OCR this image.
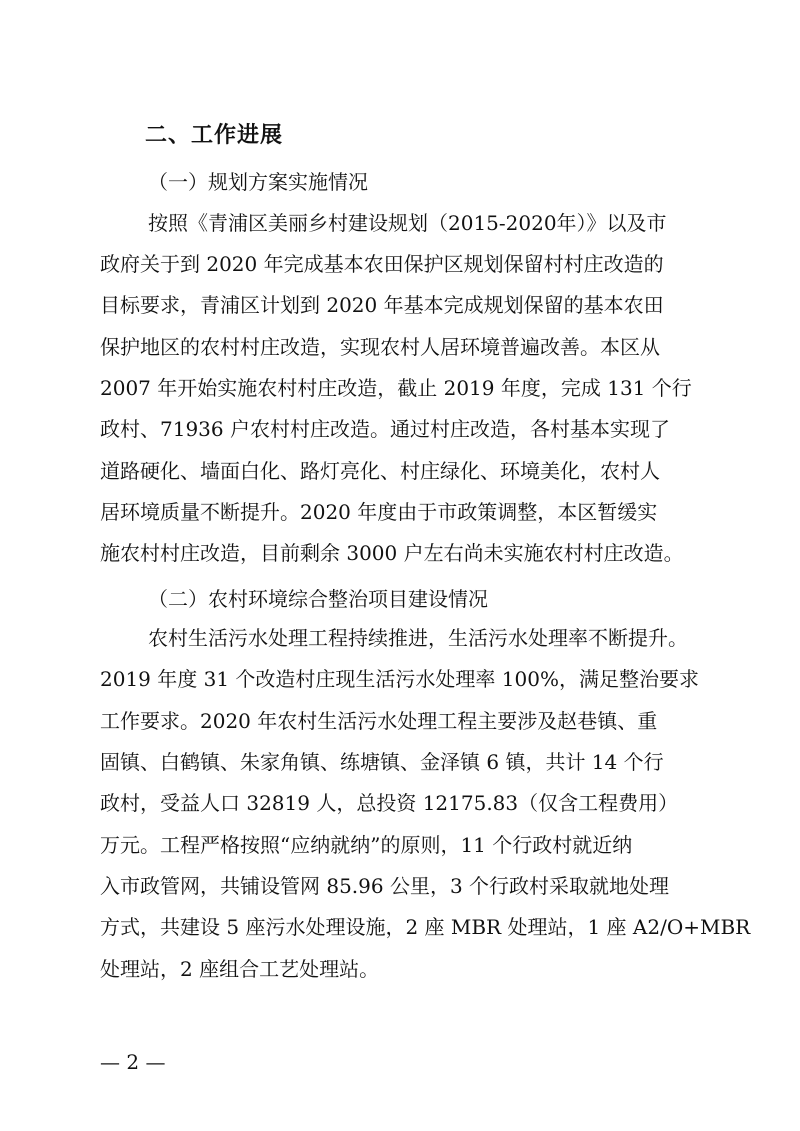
二、工作进展
（一）规划方案实施情况
按照《青浦区美丽乡村建设规划（2015-2020年）》以及市
政府关于到 2020 年完成基本农田保护区规划保留村村庄改造的
目标要求，青浦区计划到 2020 年基本完成规划保留的基本农田
保护地区的农村村庄改造，实现农村人居环境普遍改善。本区从
2007 年开始实施农村村庄改造，截止 2019 年度，完成 131 个行
政村、71936 户农村村庄改造。通过村庄改造，各村基本实现了
道路硬化、墙面白化、路灯亮化、村庄绿化、环境美化，农村人
居环境质量不断提升。2020 年度由于市政策调整，本区暂缓实
施农村村庄改造，目前剩余 3000 户左右尚未实施农村村庄改造。
（二）农村环境综合整治项目建设情况
农村生活污水处理工程持续推进，生活污水处理率不断提升。
2019 年度 31 个改造村庄现生活污水处理率 100%，满足整治要求
工作要求。2020 年农村生活污水处理工程主要涉及赵巷镇、重
固镇、白鹤镇、朱家角镇、练塘镇、金泽镇 6 镇，共计 14 个行
政村，受益人口 32819 人，总投资 12175.83（仅含工程费用）
万元。工程严格按照“应纳就纳”的原则，11 个行政村就近纳
入市政管网，共铺设管网 85.96 公里，3 个行政村采取就地处理
方式，共建设 5 座污水处理设施，2 座 MBR 处理站，1 座 A2/O+MBR
处理站，2 座组合工艺处理站。
— 2 —
